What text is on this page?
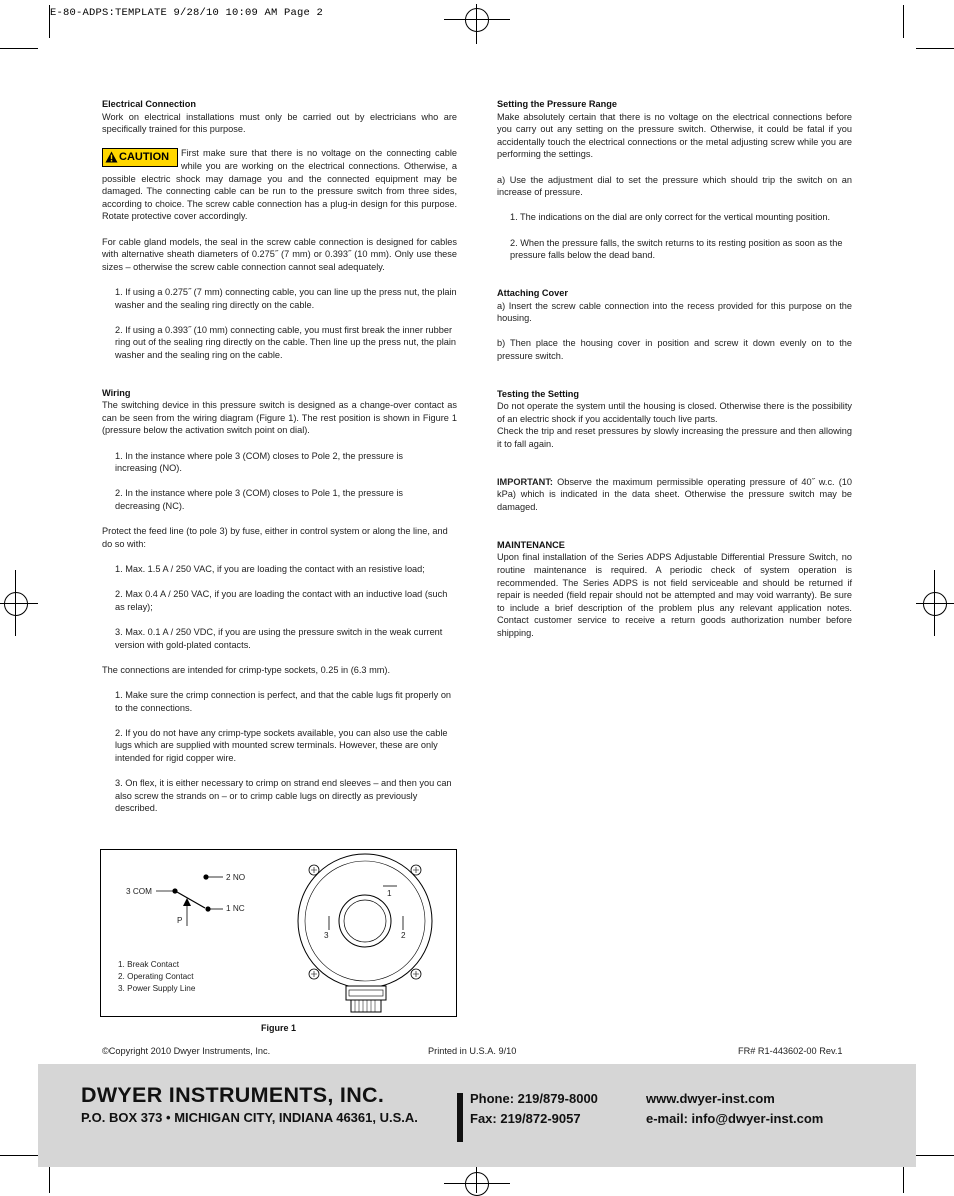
E-80-ADPS:TEMPLATE 9/28/10 10:09 AM Page 2
Electrical Connection

Work on electrical installations must only be carried out by electricians who are specifically trained for this purpose.

CAUTION First make sure that there is no voltage on the connecting cable while you are working on the electrical connections. Otherwise, a possible electric shock may damage you and the connected equipment may be damaged. The connecting cable can be run to the pressure switch from three sides, according to choice. The screw cable connection has a plug-in design for this purpose. Rotate protective cover accordingly.

For cable gland models, the seal in the screw cable connection is designed for cables with alternative sheath diameters of 0.275˝ (7 mm) or 0.393˝ (10 mm). Only use these sizes – otherwise the screw cable connection cannot seal adequately.

1. If using a 0.275˝ (7 mm) connecting cable, you can line up the press nut, the plain washer and the sealing ring directly on the cable.

2. If using a 0.393˝ (10 mm) connecting cable, you must first break the inner rubber ring out of the sealing ring directly on the cable. Then line up the press nut, the plain washer and the sealing ring on the cable.

Wiring

The switching device in this pressure switch is designed as a change-over contact as can be seen from the wiring diagram (Figure 1). The rest position is shown in Figure 1 (pressure below the activation switch point on dial).

1. In the instance where pole 3 (COM) closes to Pole 2, the pressure is increasing (NO).

2. In the instance where pole 3 (COM) closes to Pole 1, the pressure is decreasing (NC).

Protect the feed line (to pole 3) by fuse, either in control system or along the line, and do so with:

1. Max. 1.5 A / 250 VAC, if you are loading the contact with an resistive load;

2. Max 0.4 A / 250 VAC, if you are loading the contact with an inductive load (such as relay);

3. Max. 0.1 A / 250 VDC, if you are using the pressure switch in the weak current version with gold-plated contacts.

The connections are intended for crimp-type sockets, 0.25 in (6.3 mm).

1. Make sure the crimp connection is perfect, and that the cable lugs fit properly on to the connections.

2. If you do not have any crimp-type sockets available, you can also use the cable lugs which are supplied with mounted screw terminals. However, these are only intended for rigid copper wire.

3. On flex, it is either necessary to crimp on strand end sleeves – and then you can also screw the strands on – or to crimp cable lugs on directly as previously described.

Setting the Pressure Range

Make absolutely certain that there is no voltage on the electrical connections before you carry out any setting on the pressure switch. Otherwise, it could be fatal if you accidentally touch the electrical connections or the metal adjusting screw while you are performing the settings.

a) Use the adjustment dial to set the pressure which should trip the switch on an increase of pressure.

1. The indications on the dial are only correct for the vertical mounting position.

2. When the pressure falls, the switch returns to its resting position as soon as the pressure falls below the dead band.

Attaching Cover

a) Insert the screw cable connection into the recess provided for this purpose on the housing.

b) Then place the housing cover in position and screw it down evenly on to the pressure switch.

Testing the Setting

Do not operate the system until the housing is closed. Otherwise there is the possibility of an electric shock if you accidentally touch live parts.

Check the trip and reset pressures by slowly increasing the pressure and then allowing it to fall again.

IMPORTANT: Observe the maximum permissible operating pressure of 40˝ w.c. (10 kPa) which is indicated in the data sheet. Otherwise the pressure switch may be damaged.

MAINTENANCE

Upon final installation of the Series ADPS Adjustable Differential Pressure Switch, no routine maintenance is required. A periodic check of system operation is recommended. The Series ADPS is not field serviceable and should be returned if repair is needed (field repair should not be attempted and may void warranty). Be sure to include a brief description of the problem plus any relevant application notes. Contact customer service to receive a return goods authorization number before shipping.

3 COM
2 NO
1 NC
P
1. Break Contact
2. Operating Contact
3. Power Supply Line
1
2
3
Figure 1
©Copyright 2010 Dwyer Instruments, Inc.	Printed in U.S.A. 9/10	FR# R1-443602-00 Rev.1
DWYER INSTRUMENTS, INC.
P.O. BOX 373 • MICHIGAN CITY, INDIANA 46361, U.S.A.
Phone: 219/879-8000
Fax: 219/872-9057
www.dwyer-inst.com
e-mail: info@dwyer-inst.com
